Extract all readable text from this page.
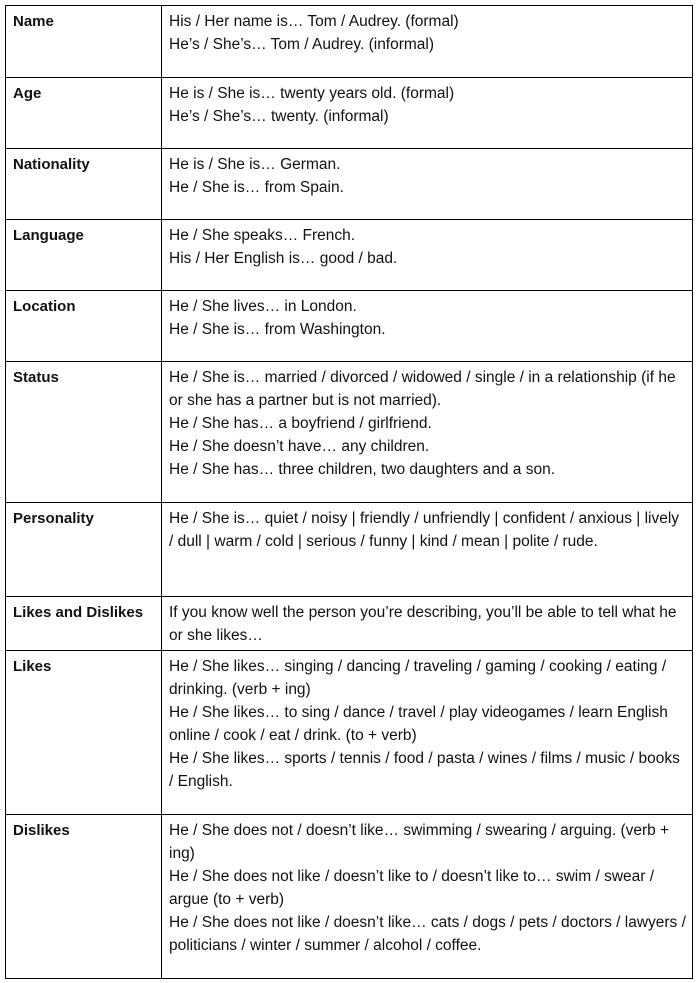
Name	His / Her name is… Tom / Audrey. (formal)
He’s / She’s… Tom / Audrey. (informal)

Age	He is / She is… twenty years old. (formal)
He’s / She’s… twenty. (informal)

Nationality	He is / She is… German.
He / She is… from Spain.

Language	He / She speaks… French.
His / Her English is… good / bad.

Location	He / She lives… in London.
He / She is… from Washington.

Status	He / She is… married / divorced / widowed / single / in a relationship (if he or she has a partner but is not married).
He / She has… a boyfriend / girlfriend.
He / She doesn’t have… any children.
He / She has… three children, two daughters and a son.

Personality	He / She is… quiet / noisy | friendly / unfriendly | confident / anxious | lively / dull | warm / cold | serious / funny | kind / mean | polite / rude.

Likes and Dislikes	If you know well the person you’re describing, you’ll be able to tell what he or she likes…

Likes	He / She likes… singing / dancing / traveling / gaming / cooking / eating / drinking. (verb + ing)
He / She likes… to sing / dance / travel / play videogames / learn English online / cook / eat / drink. (to + verb)
He / She likes… sports / tennis / food / pasta / wines / films / music / books / English.

Dislikes	He / She does not / doesn’t like… swimming / swearing / arguing. (verb + ing)
He / She does not like / doesn’t like to / doesn’t like to… swim / swear / argue (to + verb)
He / She does not like / doesn’t like… cats / dogs / pets / doctors / lawyers / politicians / winter / summer / alcohol / coffee.
